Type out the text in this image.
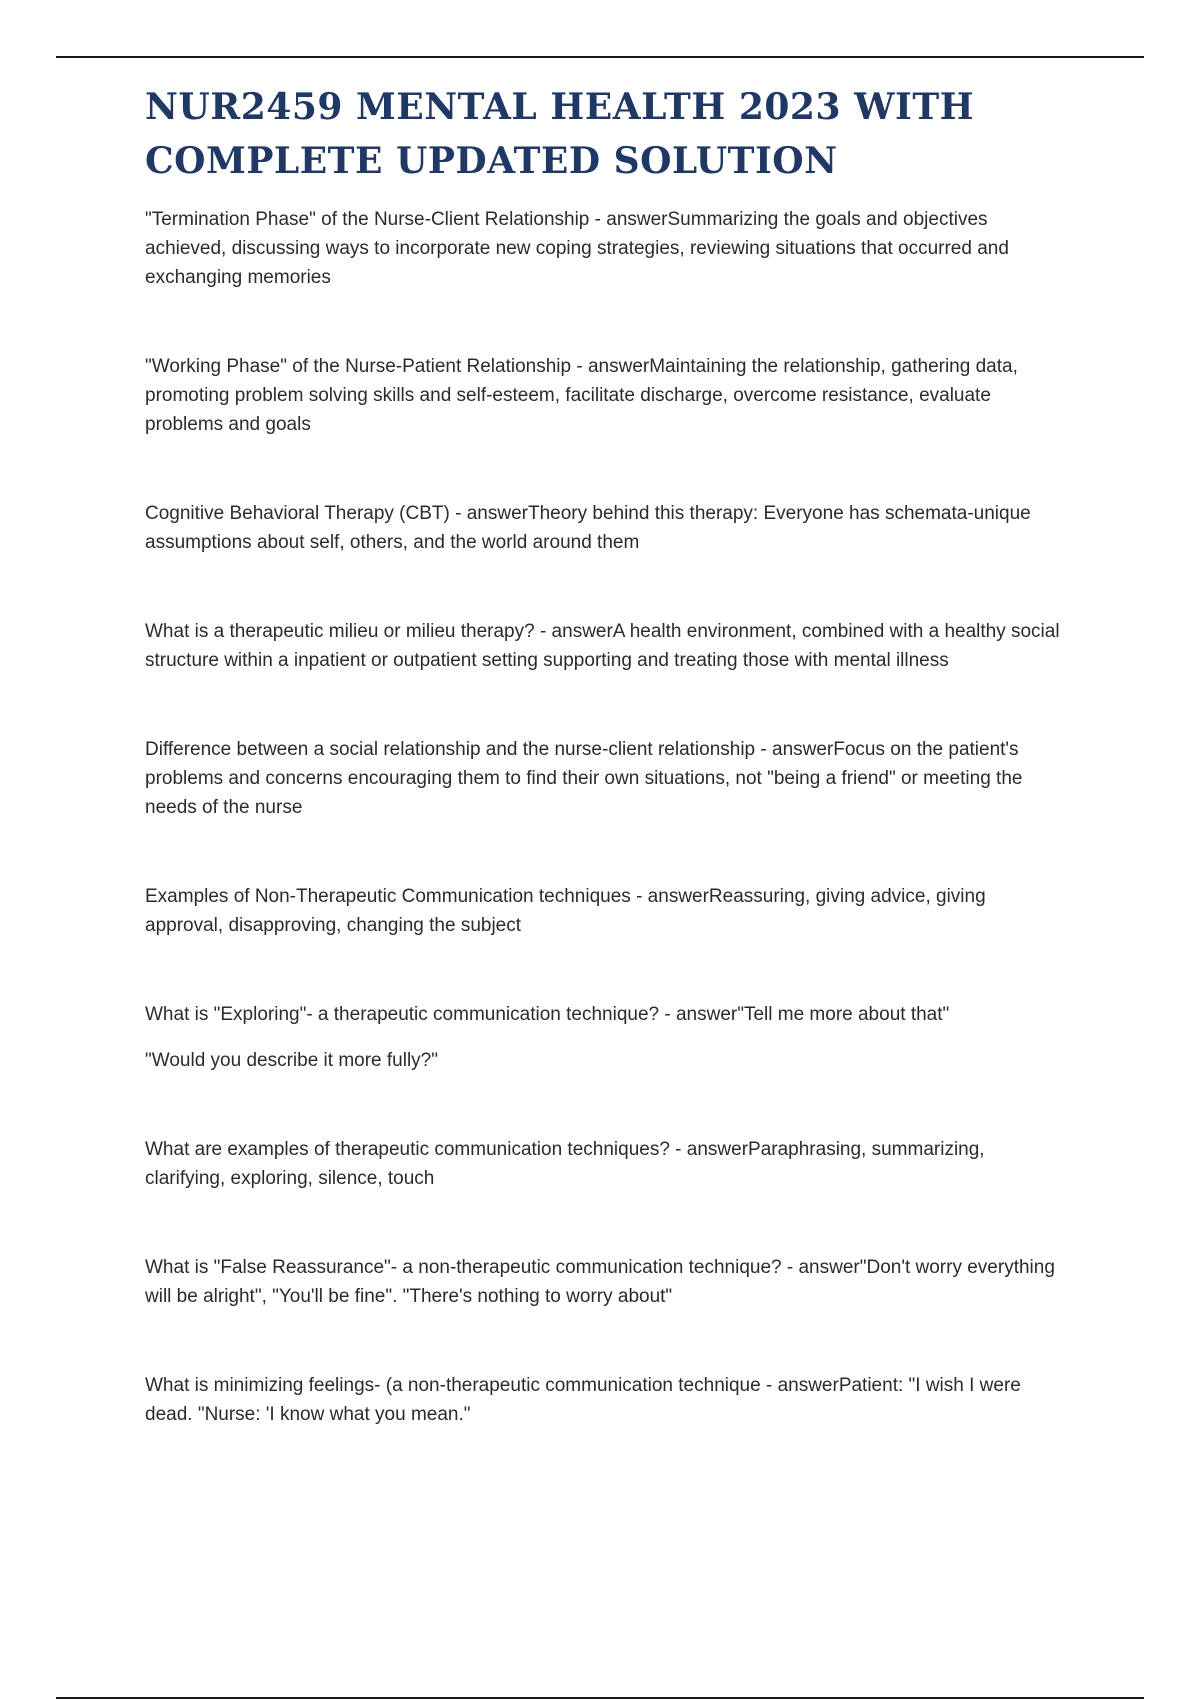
NUR2459 MENTAL HEALTH 2023 WITH COMPLETE UPDATED SOLUTION

"Termination Phase" of the Nurse-Client Relationship - answerSummarizing the goals and objectives achieved, discussing ways to incorporate new coping strategies, reviewing situations that occurred and exchanging memories

"Working Phase" of the Nurse-Patient Relationship - answerMaintaining the relationship, gathering data, promoting problem solving skills and self-esteem, facilitate discharge, overcome resistance, evaluate problems and goals

Cognitive Behavioral Therapy (CBT) - answerTheory behind this therapy: Everyone has schemata-unique assumptions about self, others, and the world around them

What is a therapeutic milieu or milieu therapy? - answerA health environment, combined with a healthy social structure within a inpatient or outpatient setting supporting and treating those with mental illness

Difference between a social relationship and the nurse-client relationship - answerFocus on the patient's problems and concerns encouraging them to find their own situations, not "being a friend" or meeting the needs of the nurse

Examples of Non-Therapeutic Communication techniques - answerReassuring, giving advice, giving approval, disapproving, changing the subject

What is "Exploring"- a therapeutic communication technique? - answer"Tell me more about that"

"Would you describe it more fully?"

What are examples of therapeutic communication techniques? - answerParaphrasing, summarizing, clarifying, exploring, silence, touch

What is "False Reassurance"- a non-therapeutic communication technique? - answer"Don't worry everything will be alright", "You'll be fine". "There's nothing to worry about"

What is minimizing feelings- (a non-therapeutic communication technique - answerPatient: "I wish I were dead. "Nurse: 'I know what you mean."
